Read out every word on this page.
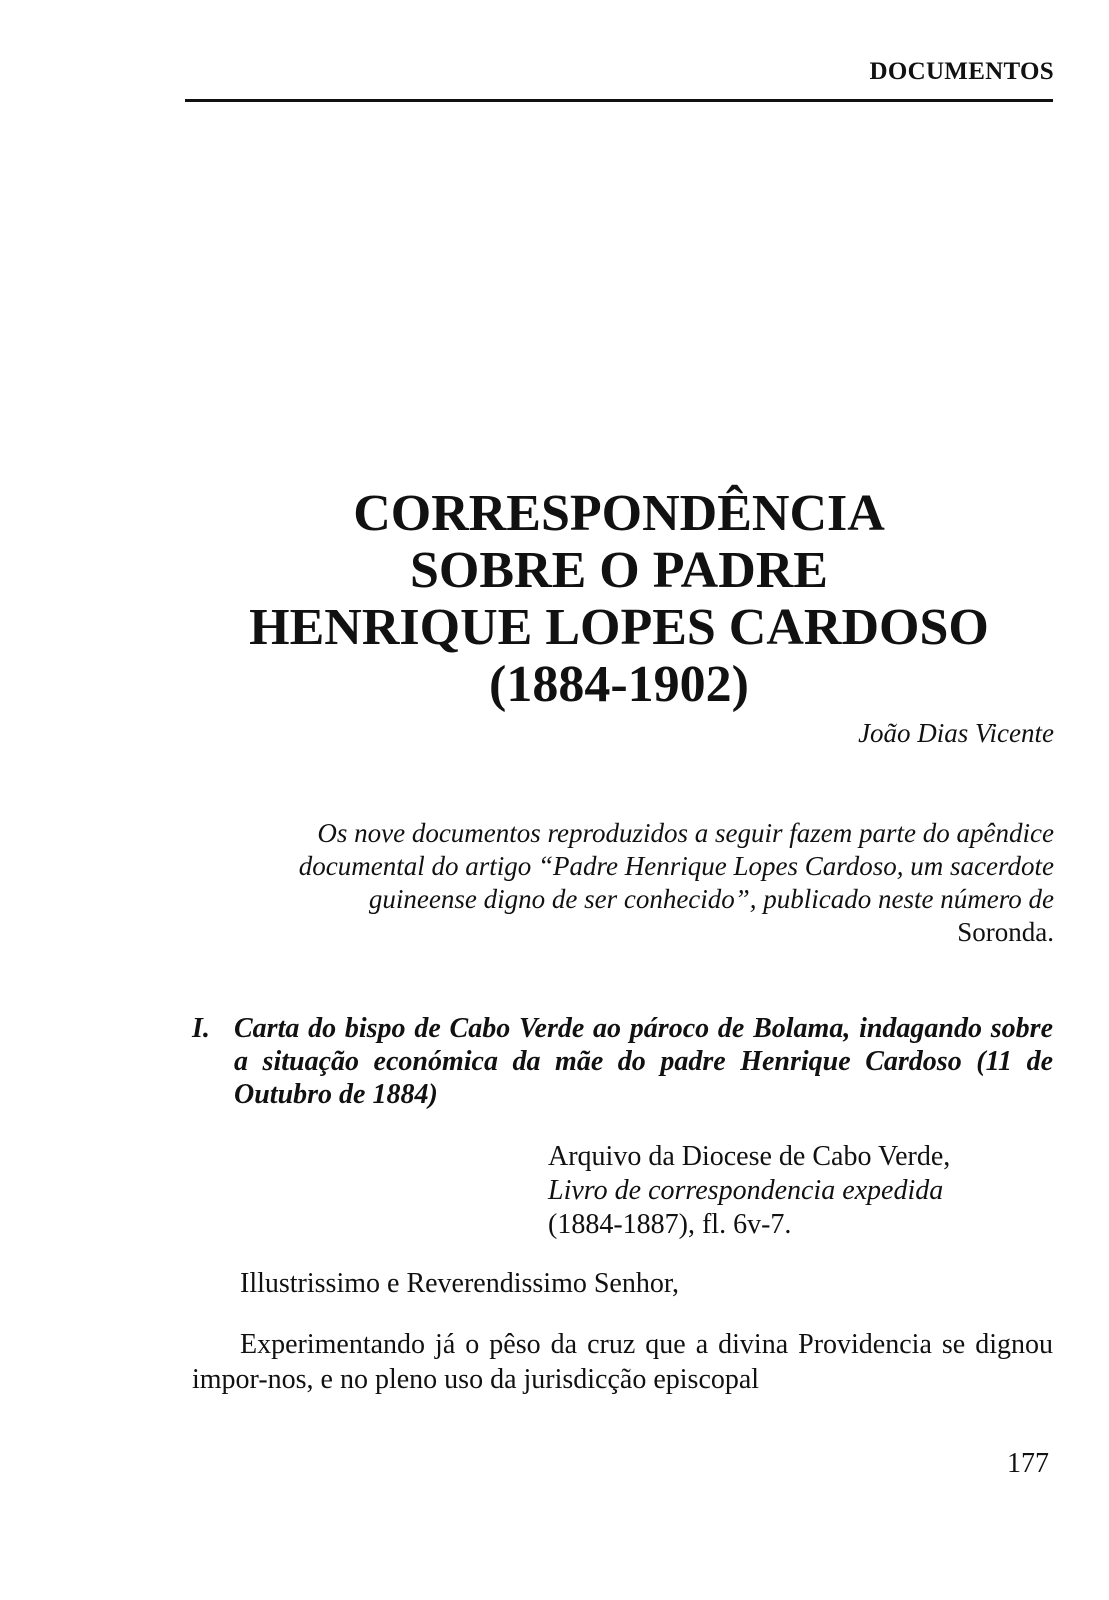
DOCUMENTOS
CORRESPONDÊNCIA
SOBRE O PADRE
HENRIQUE LOPES CARDOSO
(1884-1902)
João Dias Vicente

Os nove documentos reproduzidos a seguir fazem parte do apêndice documental do artigo “Padre Henrique Lopes Cardoso, um sacerdote guineense digno de ser conhecido”, publicado neste número de Soronda.

I. Carta do bispo de Cabo Verde ao pároco de Bolama, indagando sobre a situação económica da mãe do padre Henrique Cardoso (11 de Outubro de 1884)

Arquivo da Diocese de Cabo Verde,
Livro de correspondencia expedida
(1884-1887), fl. 6v-7.

Illustrissimo e Reverendissimo Senhor,

Experimentando já o pêso da cruz que a divina Providencia se dignou impor-nos, e no pleno uso da jurisdicção episcopal

177
